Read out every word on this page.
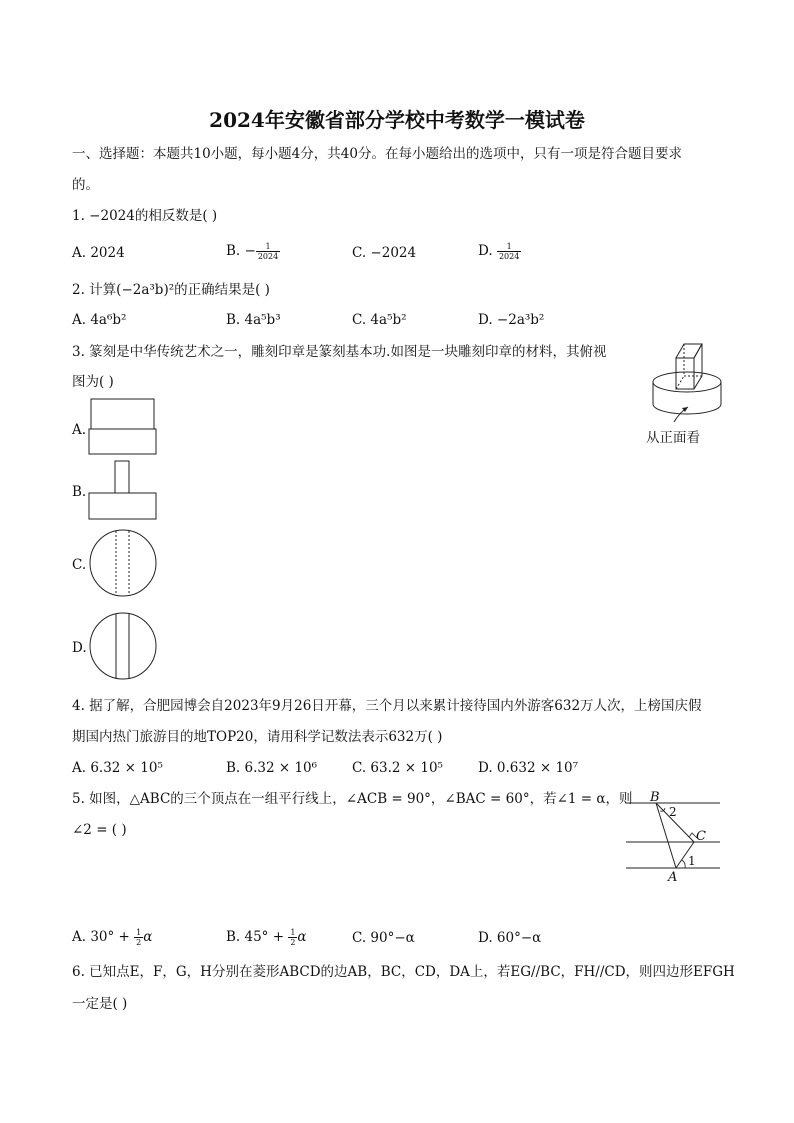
2024年安徽省部分学校中考数学一模试卷
一、选择题：本题共10小题，每小题4分，共40分。在每小题给出的选项中，只有一项是符合题目要求
的。
1. −2024的相反数是( )
A. 2024	B. − $\frac{1}{2024}$	C. −2024	D. $\frac{1}{2024}$
2. 计算(−2a³b)²的正确结果是( )
A. 4a⁶b²	B. 4a⁵b³	C. 4a⁵b²	D. −2a³b²
3. 篆刻是中华传统艺术之一，雕刻印章是篆刻基本功.如图是一块雕刻印章的材料，其俯视
图为( )
从正面看
A.
B.
C.
D.
4. 据了解，合肥园博会自2023年9月26日开幕，三个月以来累计接待国内外游客632万人次，上榜国庆假
期国内热门旅游目的地TOP20，请用科学记数法表示632万( )
A. 6.32 × 10⁵	B. 6.32 × 10⁶	C. 63.2 × 10⁵	D. 0.632 × 10⁷
5. 如图，△ABC的三个顶点在一组平行线上，∠ACB = 90°，∠BAC = 60°，若∠1 = α，则
∠2 = ( )
B
2
C
1
A
A. $30^\circ + \frac{1}{2}$ α	B. $45^\circ + \frac{1}{2}$ α	C. 90°−α	D. 60°−α
6. 已知点E，F，G，H分别在菱形ABCD的边AB，BC，CD，DA上，若EG//BC，FH//CD，则四边形EFGH
一定是( )
